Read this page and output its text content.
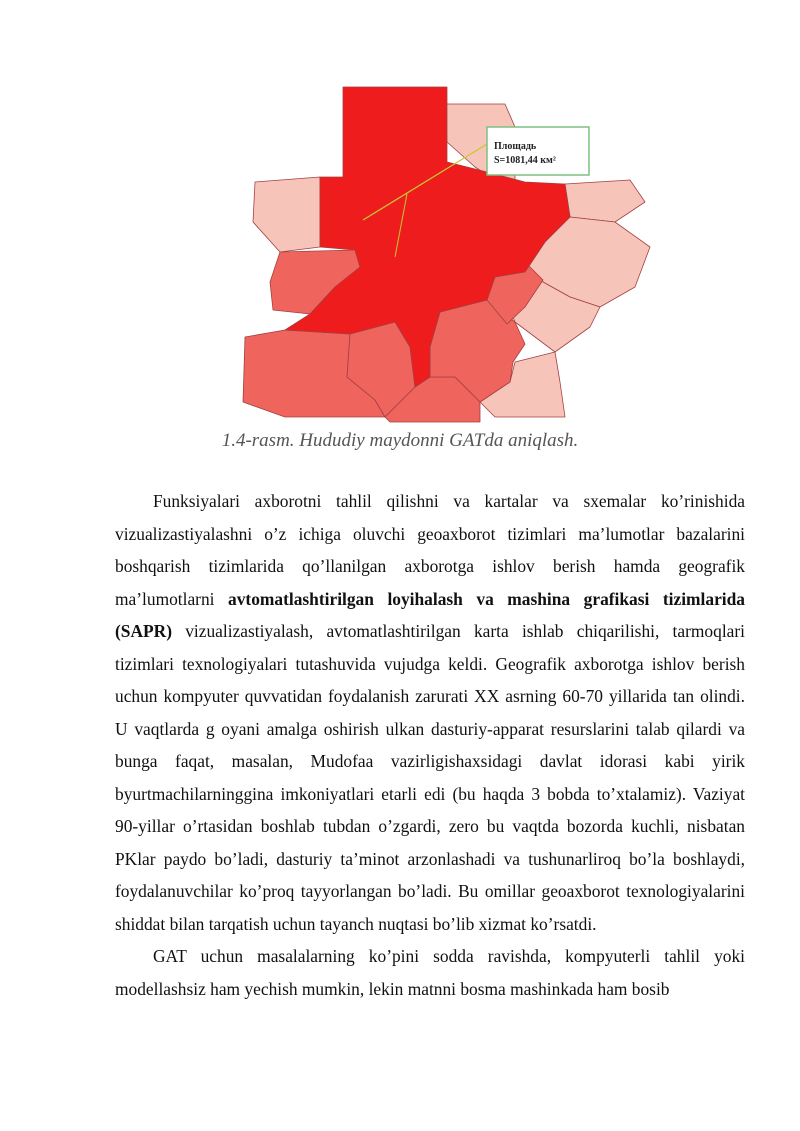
Площадь
S=1081,44 км²
1.4-rasm. Hududiy maydonni GATda aniqlash.

Funksiyalari axborotni tahlil qilishni va kartalar va sxemalar ko’rinishida vizualizastiyalashni o’z ichiga oluvchi geoaxborot tizimlari ma’lumotlar bazalarini boshqarish tizimlarida qo’llanilgan axborotga ishlov berish hamda geografik ma’lumotlarni avtomatlashtirilgan loyihalash va mashina grafikasi tizimlarida (SAPR) vizualizastiyalash, avtomatlashtirilgan karta ishlab chiqarilishi, tarmoqlari tizimlari texnologiyalari tutashuvida vujudga keldi. Geografik axborotga ishlov berish uchun kompyuter quvvatidan foydalanish zarurati XX asrning 60-70 yillarida tan olindi. U vaqtlarda g oyani amalga oshirish ulkan dasturiy-apparat resurslarini talab qilardi va bunga faqat, masalan, Mudofaa vazirligishaxsidagi davlat idorasi kabi yirik byurtmachilarninggina imkoniyatlari etarli edi (bu haqda 3 bobda to’xtalamiz). Vaziyat 90-yillar o’rtasidan boshlab tubdan o’zgardi, zero bu vaqtda bozorda kuchli, nisbatan PKlar paydo bo’ladi, dasturiy ta’minot arzonlashadi va tushunarliroq bo’la boshlaydi, foydalanuvchilar ko’proq tayyorlangan bo’ladi. Bu omillar geoaxborot texnologiyalarini shiddat bilan tarqatish uchun tayanch nuqtasi bo’lib xizmat ko’rsatdi.

GAT uchun masalalarning ko’pini sodda ravishda, kompyuterli tahlil yoki modellashsiz ham yechish mumkin, lekin matnni bosma mashinkada ham bosib
